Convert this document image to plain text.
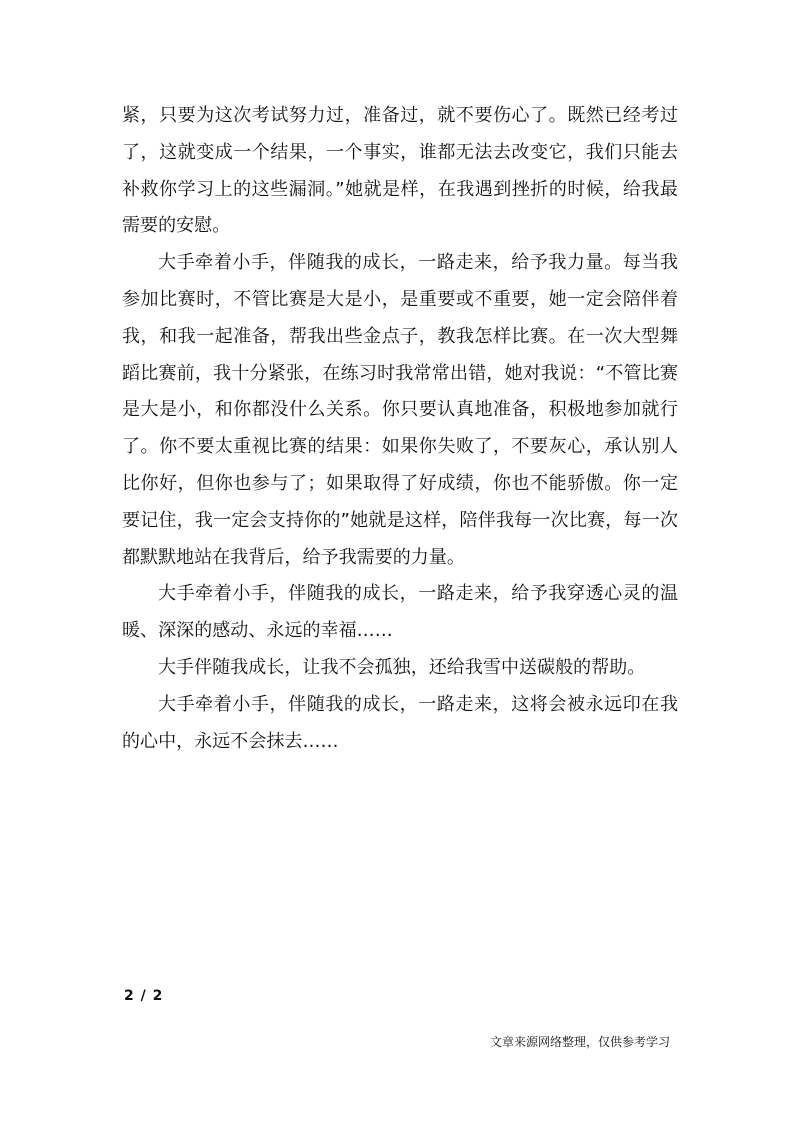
紧，只要为这次考试努力过，准备过，就不要伤心了。既然已经考过了，这就变成一个结果，一个事实，谁都无法去改变它，我们只能去补救你学习上的这些漏洞。”她就是样，在我遇到挫折的时候，给我最需要的安慰。

大手牵着小手，伴随我的成长，一路走来，给予我力量。每当我参加比赛时，不管比赛是大是小，是重要或不重要，她一定会陪伴着我，和我一起准备，帮我出些金点子，教我怎样比赛。在一次大型舞蹈比赛前，我十分紧张，在练习时我常常出错，她对我说：“不管比赛是大是小，和你都没什么关系。你只要认真地准备，积极地参加就行了。你不要太重视比赛的结果：如果你失败了，不要灰心，承认别人比你好，但你也参与了；如果取得了好成绩，你也不能骄傲。你一定要记住，我一定会支持你的”她就是这样，陪伴我每一次比赛，每一次都默默地站在我背后，给予我需要的力量。

大手牵着小手，伴随我的成长，一路走来，给予我穿透心灵的温暖、深深的感动、永远的幸福……

大手伴随我成长，让我不会孤独，还给我雪中送碳般的帮助。

大手牵着小手，伴随我的成长，一路走来，这将会被永远印在我的心中，永远不会抹去……

2 / 2
文章来源网络整理，仅供参考学习
